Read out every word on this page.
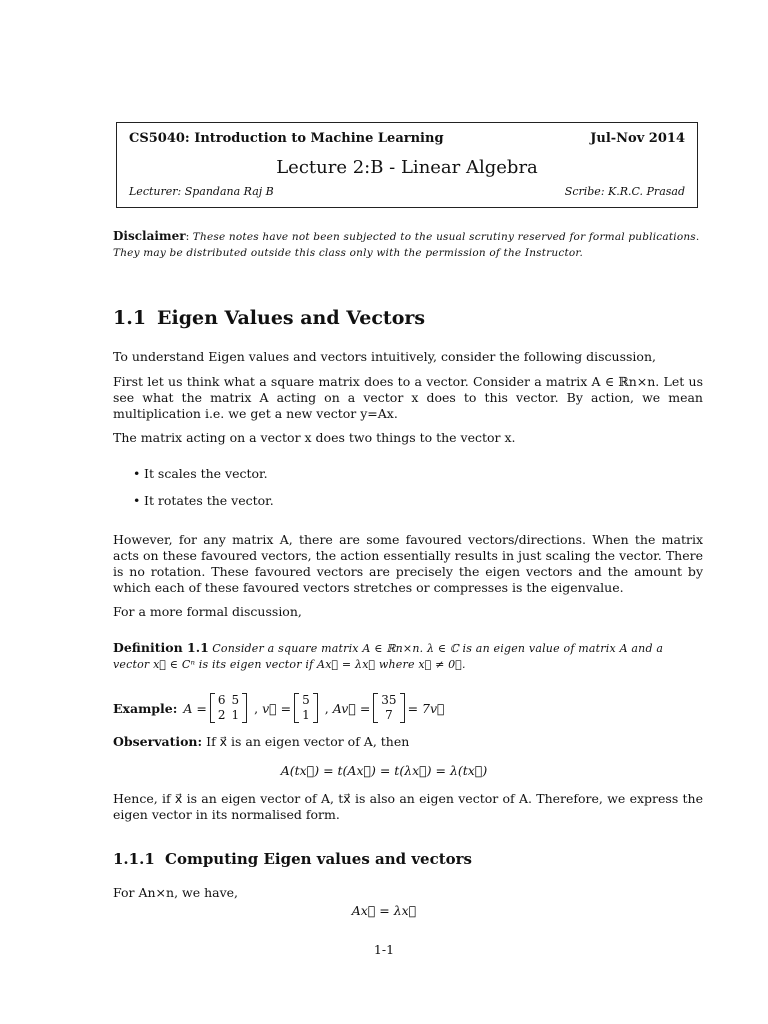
CS5040: Introduction to Machine Learning	Jul-Nov 2014
Lecture 2:B - Linear Algebra
Lecturer: Spandana Raj B	Scribe: K.R.C. Prasad
Disclaimer: These notes have not been subjected to the usual scrutiny reserved for formal publications. They may be distributed outside this class only with the permission of the Instructor.
1.1 Eigen Values and Vectors
To understand Eigen values and vectors intuitively, consider the following discussion,
First let us think what a square matrix does to a vector. Consider a matrix A ∈ ℝn×n. Let us see what the matrix A acting on a vector x does to this vector. By action, we mean multiplication i.e. we get a new vector y=Ax.
The matrix acting on a vector x does two things to the vector x.
• It scales the vector.
• It rotates the vector.
However, for any matrix A, there are some favoured vectors/directions. When the matrix acts on these favoured vectors, the action essentially results in just scaling the vector. There is no rotation. These favoured vectors are precisely the eigen vectors and the amount by which each of these favoured vectors stretches or compresses is the eigenvalue.
For a more formal discussion,
Definition 1.1 Consider a square matrix A ∈ ℝn×n. λ ∈ ℂ is an eigen value of matrix A and a vector x⃗ ∈ Cⁿ is its eigen vector if Ax⃗ = λx⃗ where x⃗ ≠ 0⃗.
Example: A =
6	5
2	1 , v⃗ =
5
1 , Av⃗ =
35
7 = 7v⃗
Observation: If x⃗ is an eigen vector of A, then
A(tx⃗) = t(Ax⃗) = t(λx⃗) = λ(tx⃗)
Hence, if x⃗ is an eigen vector of A, tx⃗ is also an eigen vector of A. Therefore, we express the eigen vector in its normalised form.
1.1.1 Computing Eigen values and vectors
For An×n, we have,
Ax⃗ = λx⃗
1-1
